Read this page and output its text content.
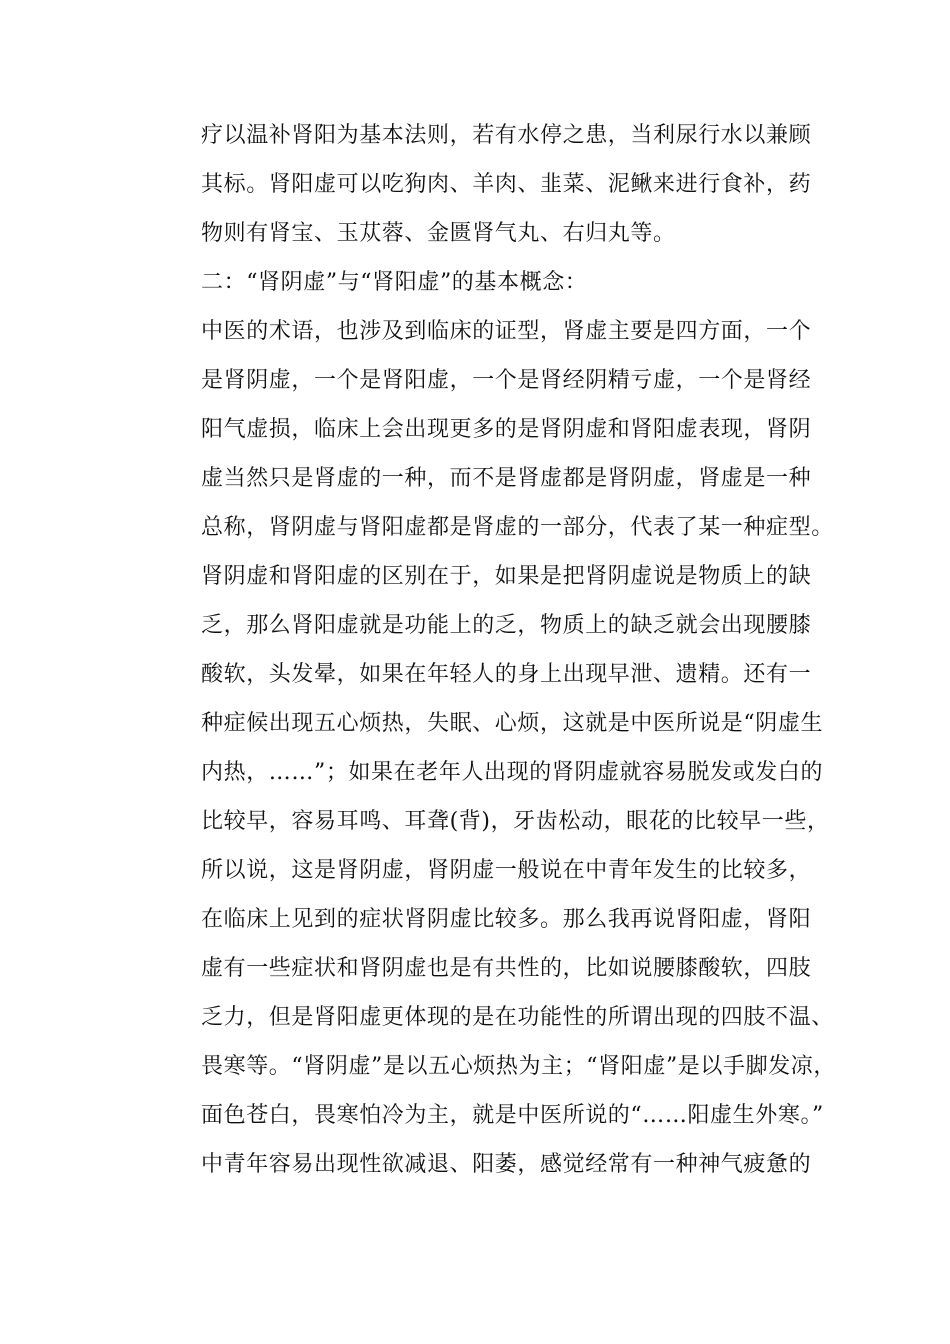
疗以温补肾阳为基本法则，若有水停之患，当利尿行水以兼顾
其标。肾阳虚可以吃狗肉、羊肉、韭菜、泥鳅来进行食补，药
物则有肾宝、玉苁蓉、金匮肾气丸、右归丸等。
二：“肾阴虚”与“肾阳虚”的基本概念：
中医的术语，也涉及到临床的证型，肾虚主要是四方面，一个
是肾阴虚，一个是肾阳虚，一个是肾经阴精亏虚，一个是肾经
阳气虚损，临床上会出现更多的是肾阴虚和肾阳虚表现，肾阴
虚当然只是肾虚的一种，而不是肾虚都是肾阴虚，肾虚是一种
总称，肾阴虚与肾阳虚都是肾虚的一部分，代表了某一种症型。
肾阴虚和肾阳虚的区别在于，如果是把肾阴虚说是物质上的缺
乏，那么肾阳虚就是功能上的乏，物质上的缺乏就会出现腰膝
酸软，头发晕，如果在年轻人的身上出现早泄、遗精。还有一
种症候出现五心烦热，失眠、心烦，这就是中医所说是“阴虚生
内热，……”；如果在老年人出现的肾阴虚就容易脱发或发白的
比较早，容易耳鸣、耳聋(背)，牙齿松动，眼花的比较早一些，
所以说，这是肾阴虚，肾阴虚一般说在中青年发生的比较多，
在临床上见到的症状肾阴虚比较多。那么我再说肾阳虚，肾阳
虚有一些症状和肾阴虚也是有共性的，比如说腰膝酸软，四肢
乏力，但是肾阳虚更体现的是在功能性的所谓出现的四肢不温、
畏寒等。“肾阴虚”是以五心烦热为主；“肾阳虚”是以手脚发凉，
面色苍白，畏寒怕冷为主，就是中医所说的“……阳虚生外寒。”
中青年容易出现性欲减退、阳萎，感觉经常有一种神气疲惫的
